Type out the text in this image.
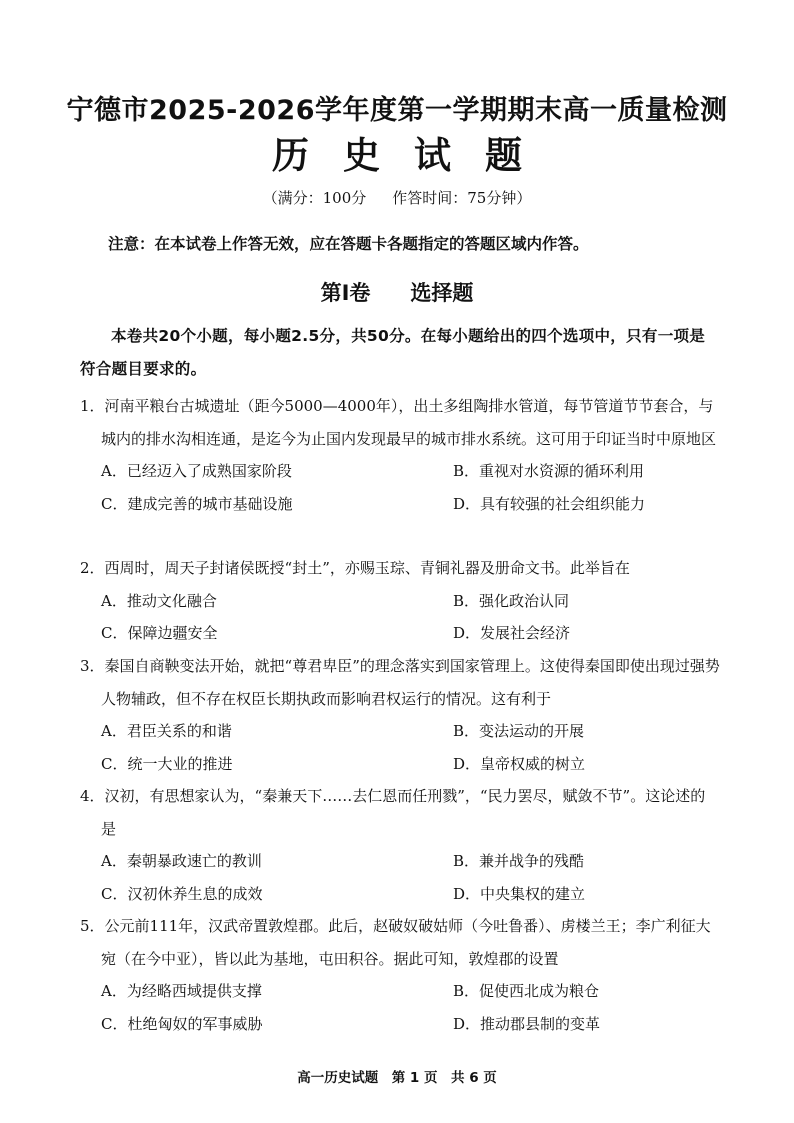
宁德市2025-2026学年度第一学期期末高一质量检测
历史试题
（满分：100分 作答时间：75分钟）
注意：在本试卷上作答无效，应在答题卡各题指定的答题区域内作答。
第Ⅰ卷 选择题
本卷共20个小题，每小题2.5分，共50分。在每小题给出的四个选项中，只有一项是符合题目要求的。
1．河南平粮台古城遗址（距今5000—4000年），出土多组陶排水管道，每节管道节节套合，与城内的排水沟相连通，是迄今为止国内发现最早的城市排水系统。这可用于印证当时中原地区
A．已经迈入了成熟国家阶段	B．重视对水资源的循环利用
C．建成完善的城市基础设施	D．具有较强的社会组织能力
2．西周时，周天子封诸侯既授“封土”，亦赐玉琮、青铜礼器及册命文书。此举旨在
A．推动文化融合	B．强化政治认同
C．保障边疆安全	D．发展社会经济
3．秦国自商鞅变法开始，就把“尊君卑臣”的理念落实到国家管理上。这使得秦国即使出现过强势人物辅政，但不存在权臣长期执政而影响君权运行的情况。这有利于
A．君臣关系的和谐	B．变法运动的开展
C．统一大业的推进	D．皇帝权威的树立
4．汉初，有思想家认为，“秦兼天下……去仁恩而任刑戮”，“民力罢尽，赋敛不节”。这论述的是
A．秦朝暴政速亡的教训	B．兼并战争的残酷
C．汉初休养生息的成效	D．中央集权的建立
5．公元前111年，汉武帝置敦煌郡。此后，赵破奴破姑师（今吐鲁番）、虏楼兰王；李广利征大宛（在今中亚），皆以此为基地，屯田积谷。据此可知，敦煌郡的设置
A．为经略西域提供支撑	B．促使西北成为粮仓
C．杜绝匈奴的军事威胁	D．推动郡县制的变革
高一历史试题　第 1 页　共 6 页
